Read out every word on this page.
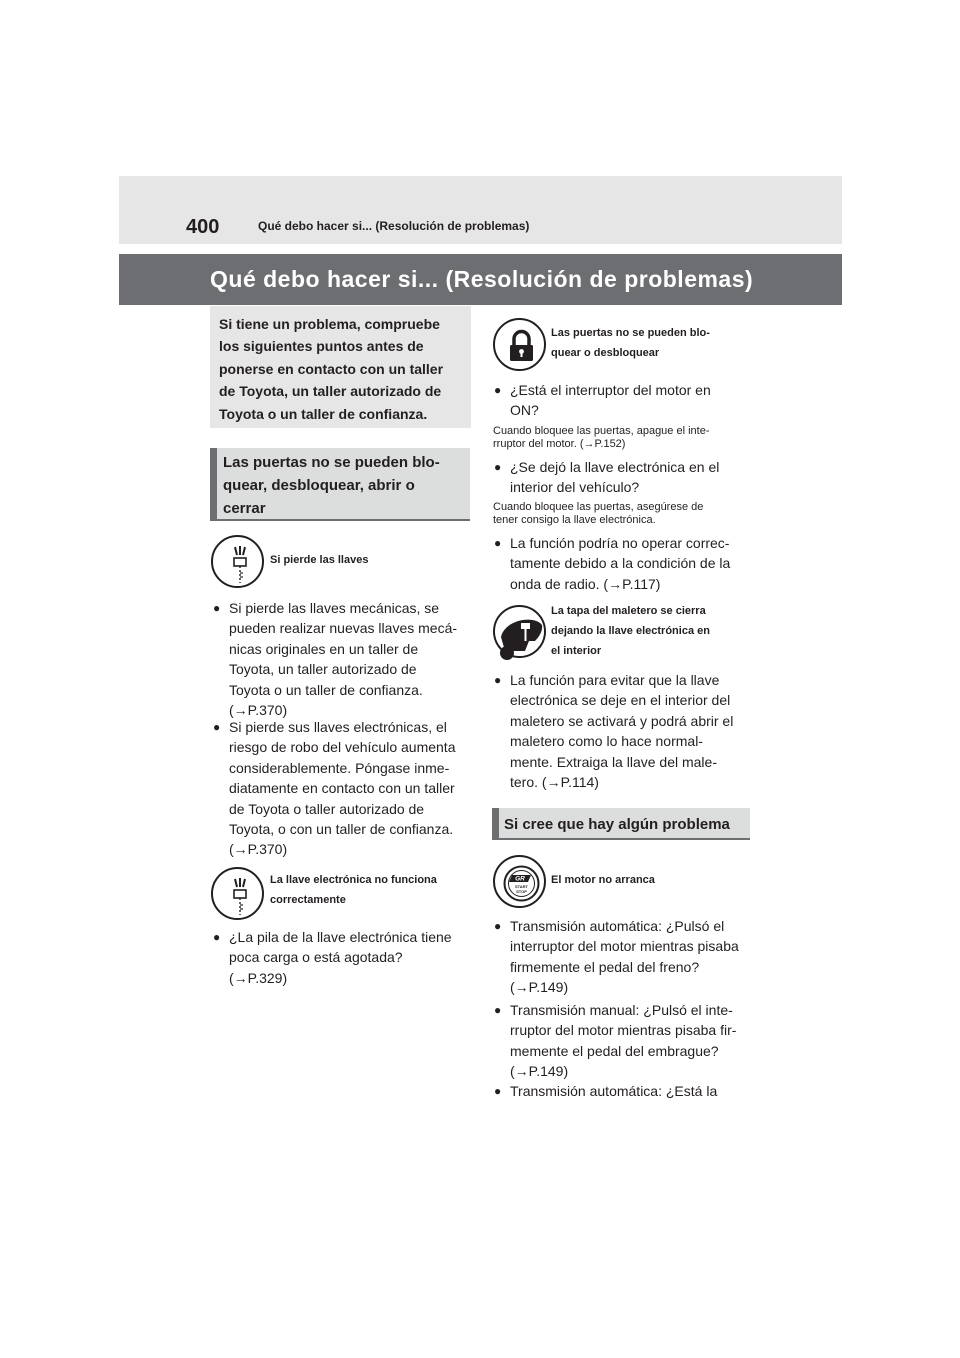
400	Qué debo hacer si... (Resolución de problemas)
Qué debo hacer si... (Resolución de problemas)
Si tiene un problema, compruebe
los siguientes puntos antes de
ponerse en contacto con un taller
de Toyota, un taller autorizado de
Toyota o un taller de confianza.
Las puertas no se pueden blo-
quear, desbloquear, abrir o
cerrar
Si pierde las llaves
● Si pierde las llaves mecánicas, se
pueden realizar nuevas llaves mecá-
nicas originales en un taller de
Toyota, un taller autorizado de
Toyota o un taller de confianza.
(→P.370)
● Si pierde sus llaves electrónicas, el
riesgo de robo del vehículo aumenta
considerablemente. Póngase inme-
diatamente en contacto con un taller
de Toyota o taller autorizado de
Toyota, o con un taller de confianza.
(→P.370)
La llave electrónica no funciona
correctamente
● ¿La pila de la llave electrónica tiene
poca carga o está agotada?
(→P.329)
Las puertas no se pueden blo-
quear o desbloquear
● ¿Está el interruptor del motor en
ON?
Cuando bloquee las puertas, apague el inte-
rruptor del motor. (→P.152)
● ¿Se dejó la llave electrónica en el
interior del vehículo?
Cuando bloquee las puertas, asegúrese de
tener consigo la llave electrónica.
● La función podría no operar correc-
tamente debido a la condición de la
onda de radio. (→P.117)
La tapa del maletero se cierra
dejando la llave electrónica en
el interior
● La función para evitar que la llave
electrónica se deje en el interior del
maletero se activará y podrá abrir el
maletero como lo hace normal-
mente. Extraiga la llave del male-
tero. (→P.114)
Si cree que hay algún problema
GR
START
STOP
El motor no arranca
● Transmisión automática: ¿Pulsó el
interruptor del motor mientras pisaba
firmemente el pedal del freno?
(→P.149)
● Transmisión manual: ¿Pulsó el inte-
rruptor del motor mientras pisaba fir-
memente el pedal del embrague?
(→P.149)
● Transmisión automática: ¿Está la
